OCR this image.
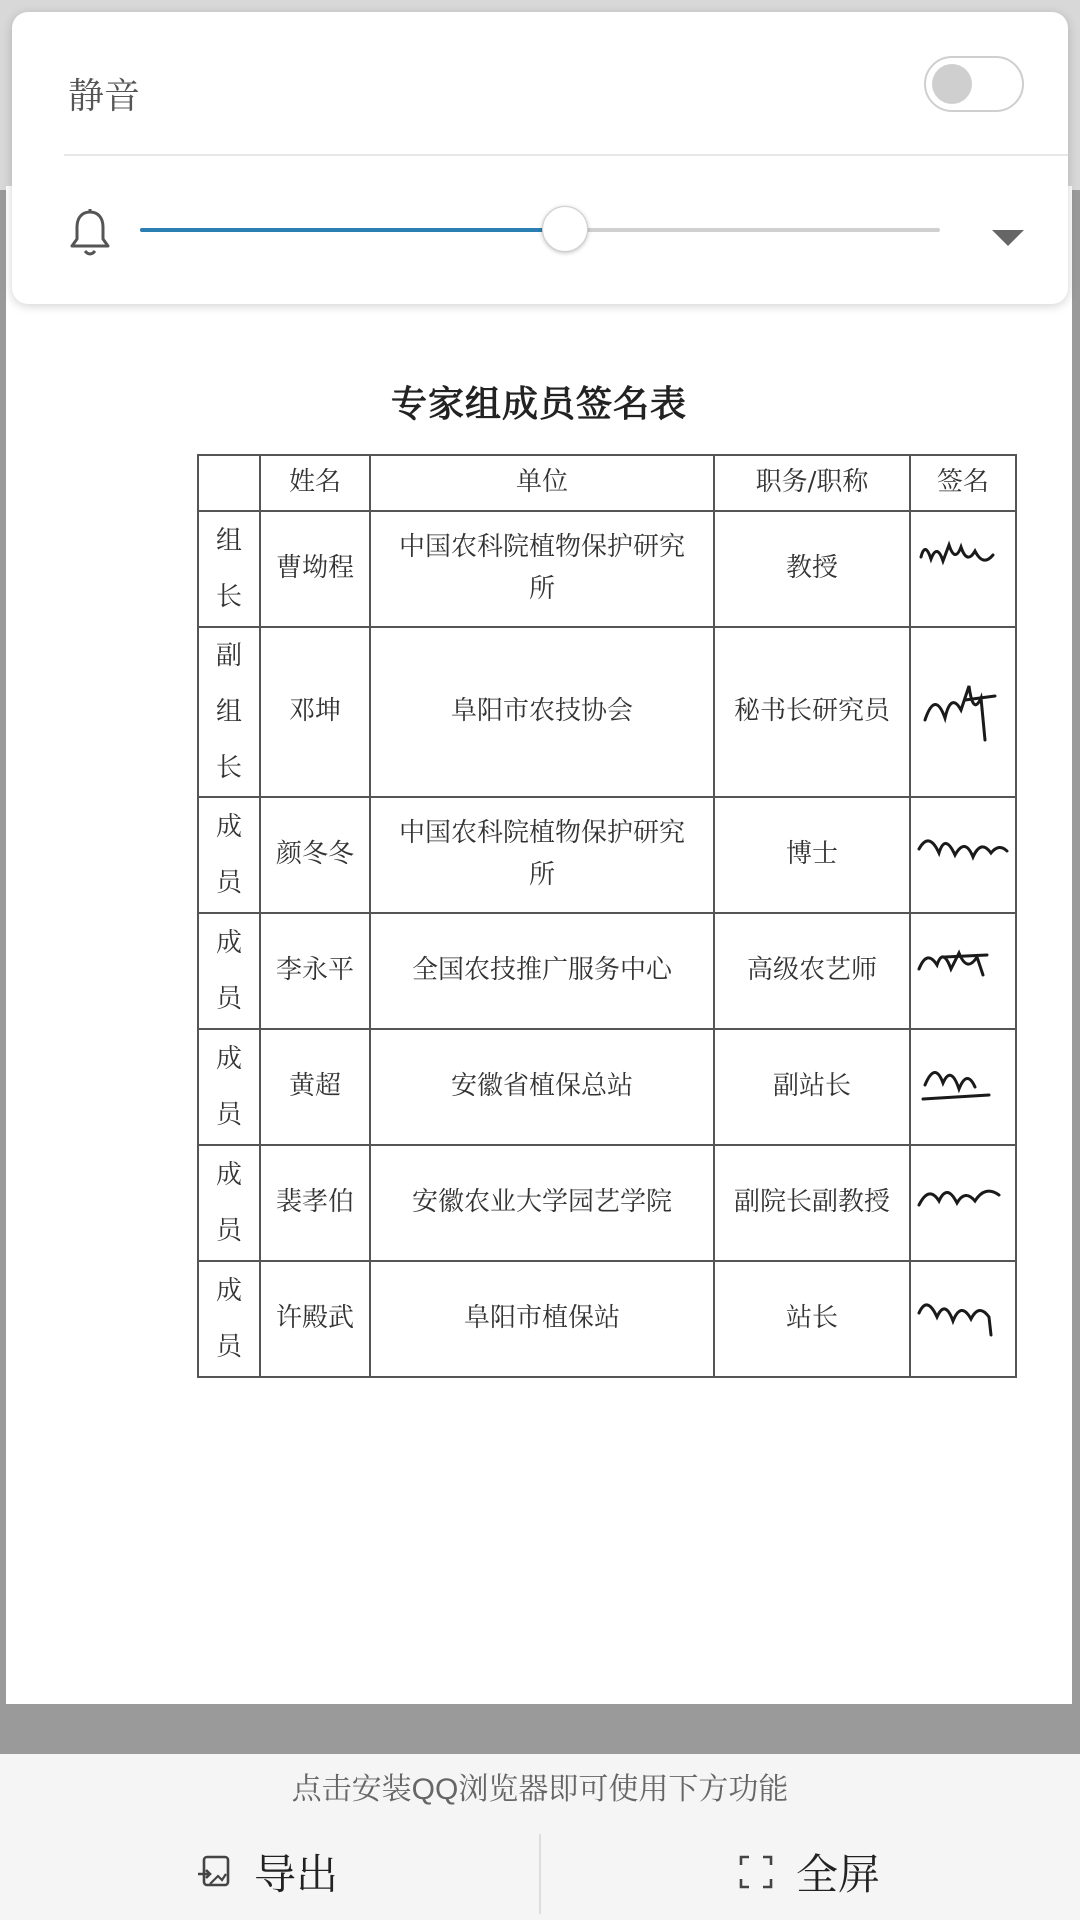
专家组成员签名表
	姓名	单位	职务/职称	签名
组长	曹坳程	中国农科院植物保护研究所	教授	

副组长	邓坤	阜阳市农技协会	秘书长研究员	

成员	颜冬冬	中国农科院植物保护研究所	博士	

成员	李永平	全国农技推广服务中心	高级农艺师	

成员	黄超	安徽省植保总站	副站长	

成员	裴孝伯	安徽农业大学园艺学院	副院长副教授	

成员	许殿武	阜阳市植保站	站长	
静音
点击安装QQ浏览器即可使用下方功能
导出	全屏
